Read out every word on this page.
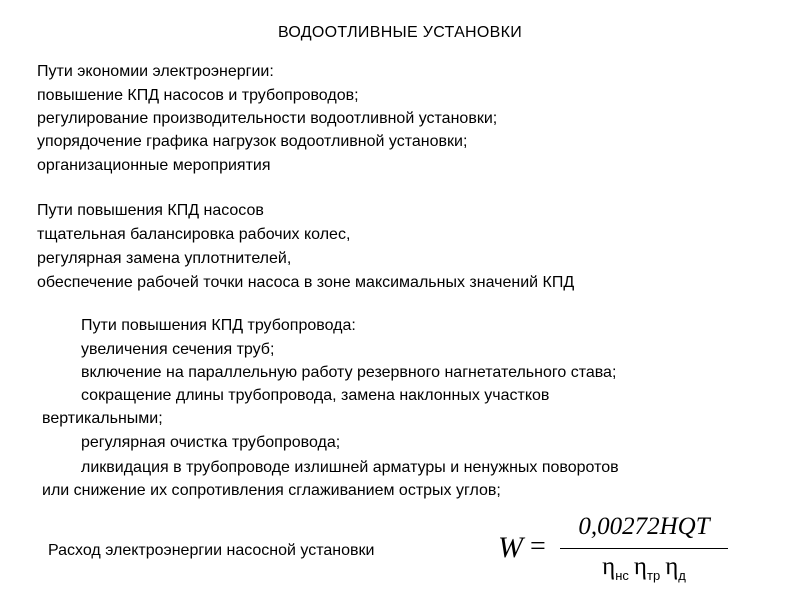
ВОДООТЛИВНЫЕ УСТАНОВКИ
Пути экономии электроэнергии:
повышение КПД насосов и трубопроводов;
регулирование производительности водоотливной установки;
упорядочение графика нагрузок водоотливной установки;
организационные мероприятия
Пути повышения КПД насосов
тщательная балансировка рабочих колес,
регулярная замена уплотнителей,
обеспечение рабочей точки насоса в зоне максимальных значений КПД
Пути повышения КПД трубопровода:
увеличения сечения труб;
включение на параллельную работу резервного нагнетательного става;
сокращение длины трубопровода, замена наклонных участков
вертикальными;
регулярная очистка трубопровода;
ликвидация в трубопроводе излишней арматуры и ненужных поворотов
или снижение их сопротивления сглаживанием острых углов;
Расход электроэнергии насосной установки	W =
0,00272HQT
$\eta_{нс}$  $\eta_{тр}$  $\eta_д$
